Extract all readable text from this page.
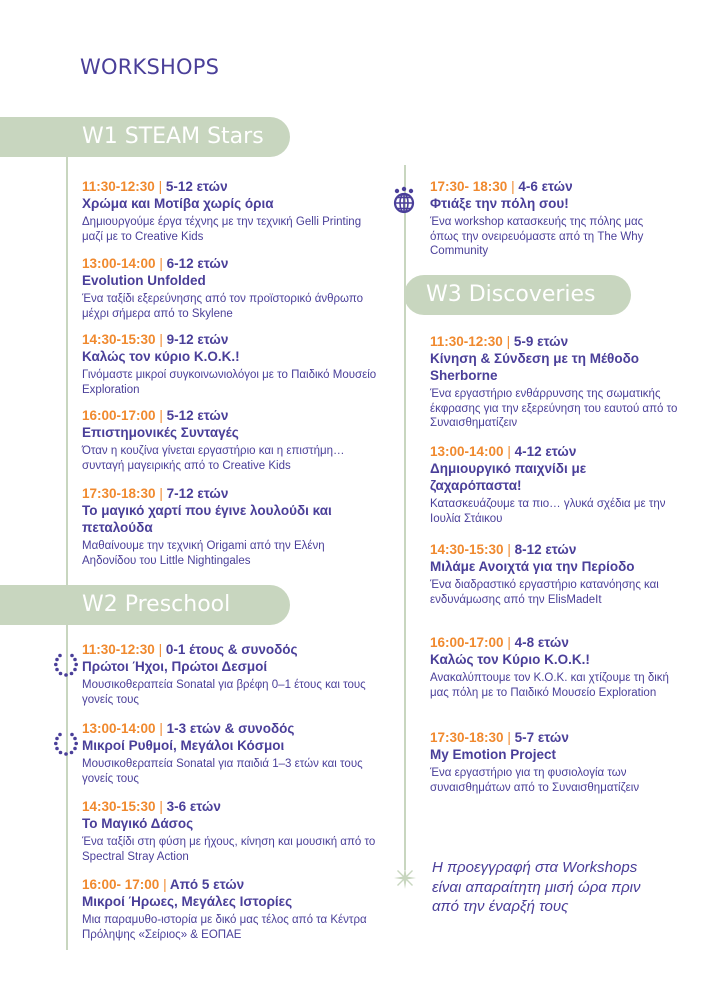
WORKSHOPS
W1 STEAM Stars
W2 Preschool
W3 Discoveries
11:30-12:30 | 5-12 ετών
Χρώμα και Μοτίβα χωρίς όρια
Δημιουργούμε έργα τέχνης με την τεχνική Gelli Printing μαζί με το Creative Kids
13:00-14:00 | 6-12 ετών
Evolution Unfolded
Ένα ταξίδι εξερεύνησης από τον προϊστορικό άνθρωπο μέχρι σήμερα από το Skylene
14:30-15:30 | 9-12 ετών
Καλώς τον κύριο Κ.Ο.Κ.!
Γινόμαστε μικροί συγκοινωνιολόγοι με το Παιδικό Μουσείο Exploration
16:00-17:00 | 5-12 ετών
Επιστημονικές Συνταγές
Όταν η κουζίνα γίνεται εργαστήριο και η επιστήμη… συνταγή μαγειρικής από το Creative Kids
17:30-18:30 | 7-12 ετών
Το μαγικό χαρτί που έγινε λουλούδι και πεταλούδα
Μαθαίνουμε την τεχνική Origami από την Ελένη Αηδονίδου του Little Nightingales
11:30-12:30 | 0-1 έτους & συνοδός
Πρώτοι Ήχοι, Πρώτοι Δεσμοί
Μουσικοθεραπεία Sonatal για βρέφη 0–1 έτους και τους γονείς τους
13:00-14:00 | 1-3 ετών & συνοδός
Μικροί Ρυθμοί, Μεγάλοι Κόσμοι
Μουσικοθεραπεία Sonatal για παιδιά 1–3 ετών και τους γονείς τους
14:30-15:30 | 3-6 ετών
Το Μαγικό Δάσος
Ένα ταξίδι στη φύση με ήχους, κίνηση και μουσική από το Spectral Stray Action
16:00- 17:00 | Από 5 ετών
Μικροί Ήρωες, Μεγάλες Ιστορίες
Μια παραμυθο-ιστορία με δικό μας τέλος από τα Κέντρα Πρόληψης «Σείριος» & ΕΟΠΑΕ
17:30- 18:30 | 4-6 ετών
Φτιάξε την πόλη σου!
Ένα workshop κατασκευής της πόλης μας όπως την ονειρευόμαστε από τη The Why Community
11:30-12:30 | 5-9 ετών
Κίνηση & Σύνδεση με τη Μέθοδο Sherborne
Ένα εργαστήριο ενθάρρυνσης της σωματικής έκφρασης για την εξερεύνηση του εαυτού από το Συναισθηματίζειν
13:00-14:00 | 4-12 ετών
Δημιουργικό παιχνίδι με ζαχαρόπαστα!
Κατασκευάζουμε τα πιο… γλυκά σχέδια με την Ιουλία Στάικου
14:30-15:30 | 8-12 ετών
Μιλάμε Ανοιχτά για την Περίοδο
Ένα διαδραστικό εργαστήριο κατανόησης και ενδυνάμωσης από την ElisMadeIt
16:00-17:00 | 4-8 ετών
Καλώς τον Κύριο Κ.Ο.Κ.!
Ανακαλύπτουμε τον Κ.Ο.Κ. και χτίζουμε τη δική μας πόλη με το Παιδικό Μουσείο Exploration
17:30-18:30 | 5-7 ετών
My Emotion Project
Ένα εργαστήριο για τη φυσιολογία των συναισθημάτων από το Συναισθηματίζειν
Η προεγγραφή στα Workshops είναι απαραίτητη μισή ώρα πριν από την έναρξή τους
